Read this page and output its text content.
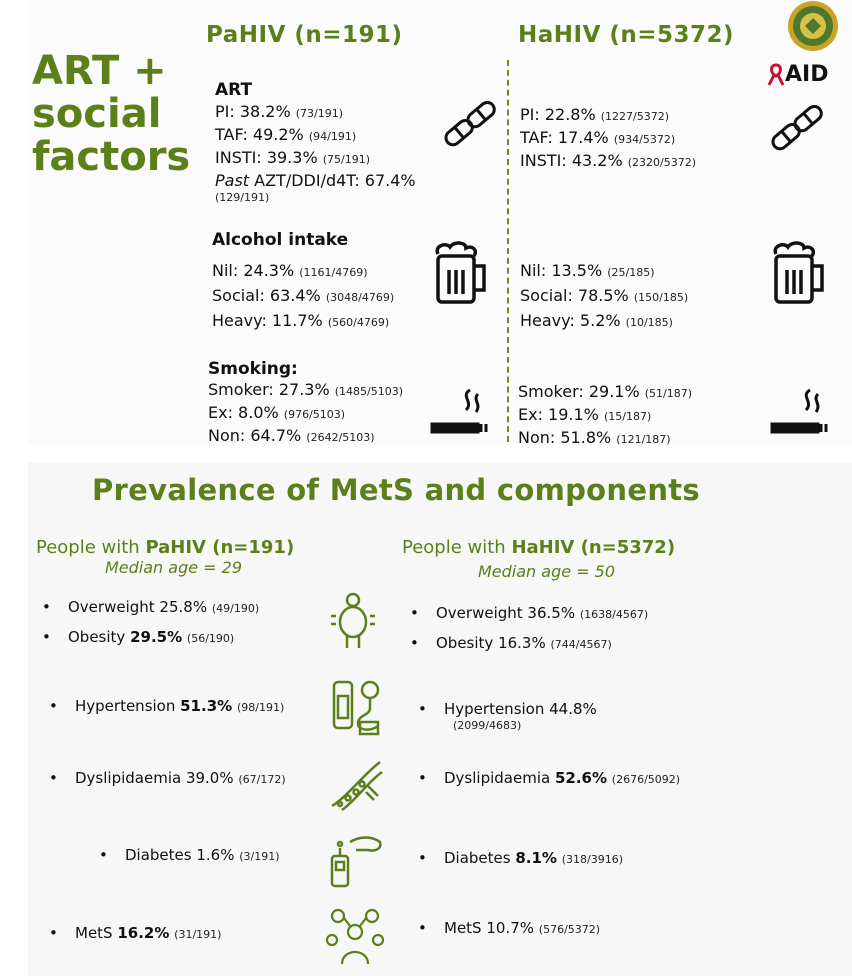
ART +
social
factors
PaHIV (n=191)	HaHIV (n=5372)
AID
ART
PI: 38.2% (73/191)
TAF: 49.2% (94/191)
INSTI: 39.3% (75/191)
Past AZT/DDI/d4T: 67.4%
(129/191)
PI: 22.8% (1227/5372)
TAF: 17.4% (934/5372)
INSTI: 43.2% (2320/5372)
Alcohol intake
Nil: 24.3% (1161/4769)
Social: 63.4% (3048/4769)
Heavy: 11.7% (560/4769)
Nil: 13.5% (25/185)
Social: 78.5% (150/185)
Heavy: 5.2% (10/185)
Smoking:
Smoker: 27.3% (1485/5103)
Ex: 8.0% (976/5103)
Non: 64.7% (2642/5103)
Smoker: 29.1% (51/187)
Ex: 19.1% (15/187)
Non: 51.8% (121/187)
Prevalence of MetS and components
People with PaHIV (n=191)
Median age = 29
People with HaHIV (n=5372)
Median age = 50
• Overweight 25.8% (49/190)
• Obesity 29.5% (56/190)
• Hypertension 51.3% (98/191)
• Dyslipidaemia 39.0% (67/172)
• Diabetes 1.6% (3/191)
• MetS 16.2% (31/191)
• Overweight 36.5% (1638/4567)
• Obesity 16.3% (744/4567)
• Hypertension 44.8%
(2099/4683)
• Dyslipidaemia 52.6% (2676/5092)
• Diabetes 8.1% (318/3916)
• MetS 10.7% (576/5372)
